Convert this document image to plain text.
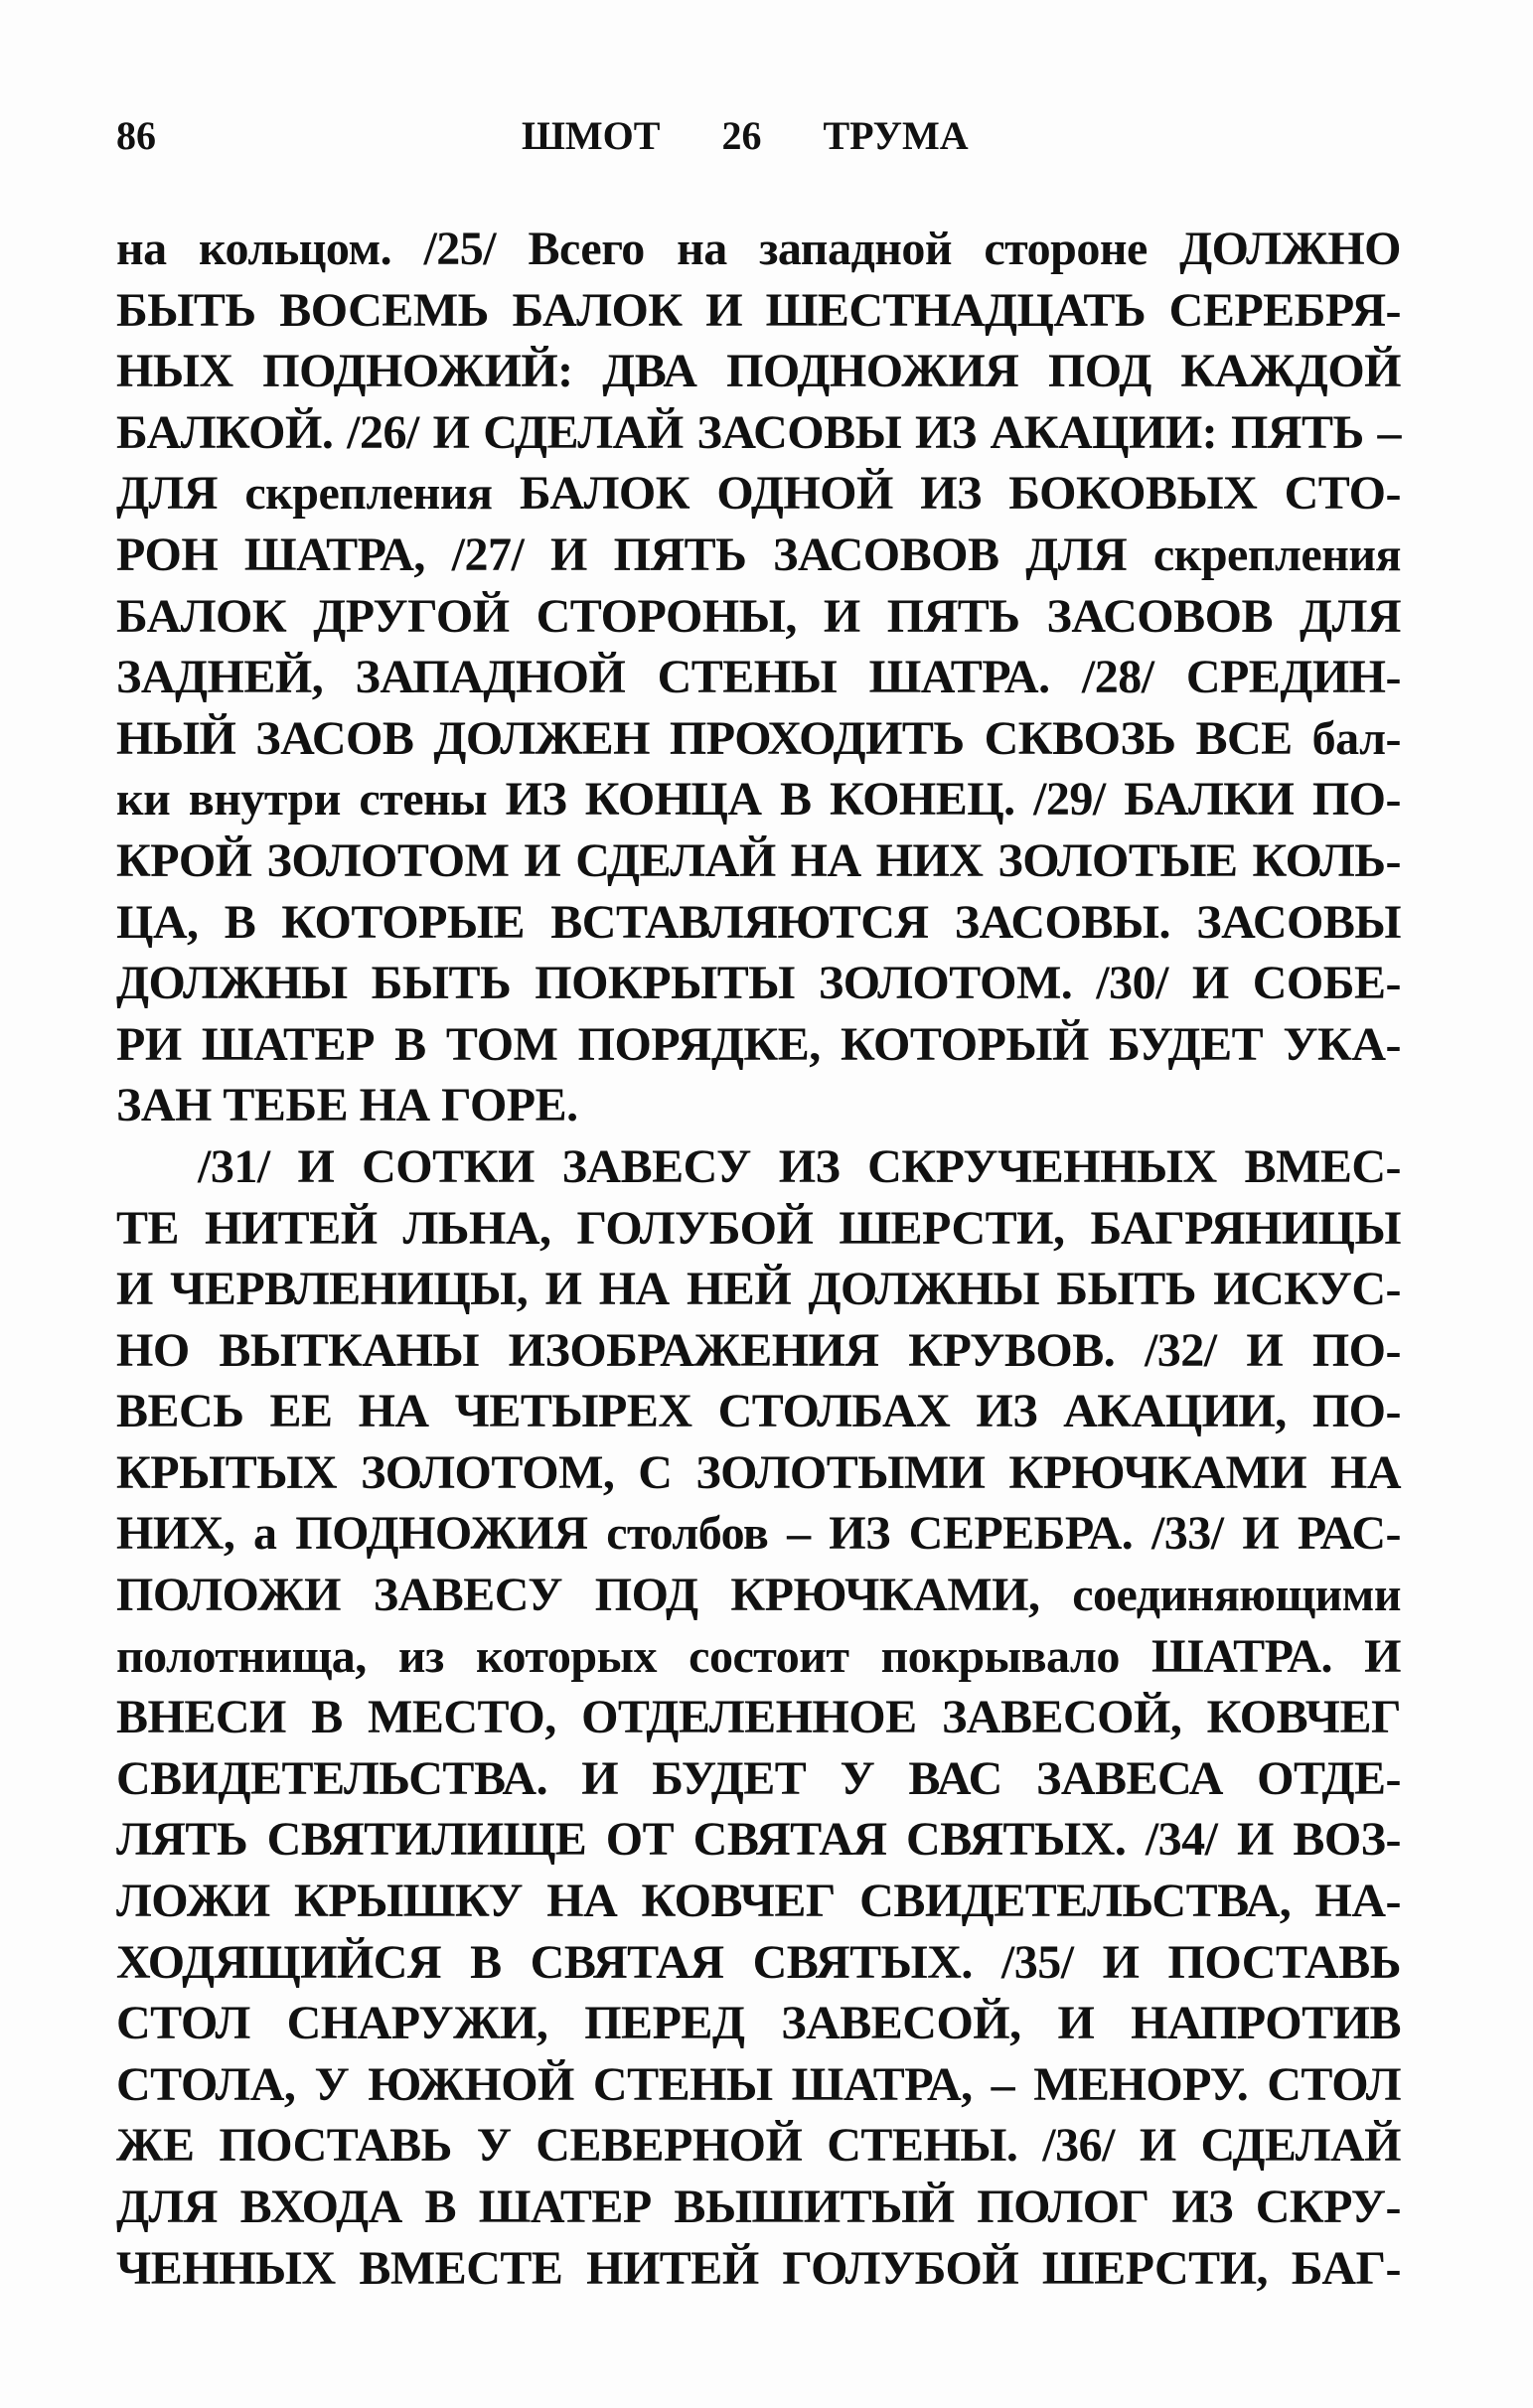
86	ШМОТ 26 ТРУМА
на кольцом. /25/ Всего на западной стороне ДОЛЖНО
БЫТЬ ВОСЕМЬ БАЛОК И ШЕСТНАДЦАТЬ СЕРЕБРЯ-
НЫХ ПОДНОЖИЙ: ДВА ПОДНОЖИЯ ПОД КАЖДОЙ
БАЛКОЙ. /26/ И СДЕЛАЙ ЗАСОВЫ ИЗ АКАЦИИ: ПЯТЬ –
ДЛЯ скрепления БАЛОК ОДНОЙ ИЗ БОКОВЫХ СТО-
РОН ШАТРА, /27/ И ПЯТЬ ЗАСОВОВ ДЛЯ скрепления
БАЛОК ДРУГОЙ СТОРОНЫ, И ПЯТЬ ЗАСОВОВ ДЛЯ
ЗАДНЕЙ, ЗАПАДНОЙ СТЕНЫ ШАТРА. /28/ СРЕДИН-
НЫЙ ЗАСОВ ДОЛЖЕН ПРОХОДИТЬ СКВОЗЬ ВСЕ бал-
ки внутри стены ИЗ КОНЦА В КОНЕЦ. /29/ БАЛКИ ПО-
КРОЙ ЗОЛОТОМ И СДЕЛАЙ НА НИХ ЗОЛОТЫЕ КОЛЬ-
ЦА, В КОТОРЫЕ ВСТАВЛЯЮТСЯ ЗАСОВЫ. ЗАСОВЫ
ДОЛЖНЫ БЫТЬ ПОКРЫТЫ ЗОЛОТОМ. /30/ И СОБЕ-
РИ ШАТЕР В ТОМ ПОРЯДКЕ, КОТОРЫЙ БУДЕТ УКА-
ЗАН ТЕБЕ НА ГОРЕ.
/31/ И СОТКИ ЗАВЕСУ ИЗ СКРУЧЕННЫХ ВМЕС-
ТЕ НИТЕЙ ЛЬНА, ГОЛУБОЙ ШЕРСТИ, БАГРЯНИЦЫ
И ЧЕРВЛЕНИЦЫ, И НА НЕЙ ДОЛЖНЫ БЫТЬ ИСКУС-
НО ВЫТКАНЫ ИЗОБРАЖЕНИЯ КРУВОВ. /32/ И ПО-
ВЕСЬ ЕЕ НА ЧЕТЫРЕХ СТОЛБАХ ИЗ АКАЦИИ, ПО-
КРЫТЫХ ЗОЛОТОМ, С ЗОЛОТЫМИ КРЮЧКАМИ НА
НИХ, а ПОДНОЖИЯ столбов – ИЗ СЕРЕБРА. /33/ И РАС-
ПОЛОЖИ ЗАВЕСУ ПОД КРЮЧКАМИ, соединяющими
полотнища, из которых состоит покрывало ШАТРА. И
ВНЕСИ В МЕСТО, ОТДЕЛЕННОЕ ЗАВЕСОЙ, КОВЧЕГ
СВИДЕТЕЛЬСТВА. И БУДЕТ У ВАС ЗАВЕСА ОТДЕ-
ЛЯТЬ СВЯТИЛИЩЕ ОТ СВЯТАЯ СВЯТЫХ. /34/ И ВОЗ-
ЛОЖИ КРЫШКУ НА КОВЧЕГ СВИДЕТЕЛЬСТВА, НА-
ХОДЯЩИЙСЯ В СВЯТАЯ СВЯТЫХ. /35/ И ПОСТАВЬ
СТОЛ СНАРУЖИ, ПЕРЕД ЗАВЕСОЙ, И НАПРОТИВ
СТОЛА, У ЮЖНОЙ СТЕНЫ ШАТРА, – МЕНОРУ. СТОЛ
ЖЕ ПОСТАВЬ У СЕВЕРНОЙ СТЕНЫ. /36/ И СДЕЛАЙ
ДЛЯ ВХОДА В ШАТЕР ВЫШИТЫЙ ПОЛОГ ИЗ СКРУ-
ЧЕННЫХ ВМЕСТЕ НИТЕЙ ГОЛУБОЙ ШЕРСТИ, БАГ-
